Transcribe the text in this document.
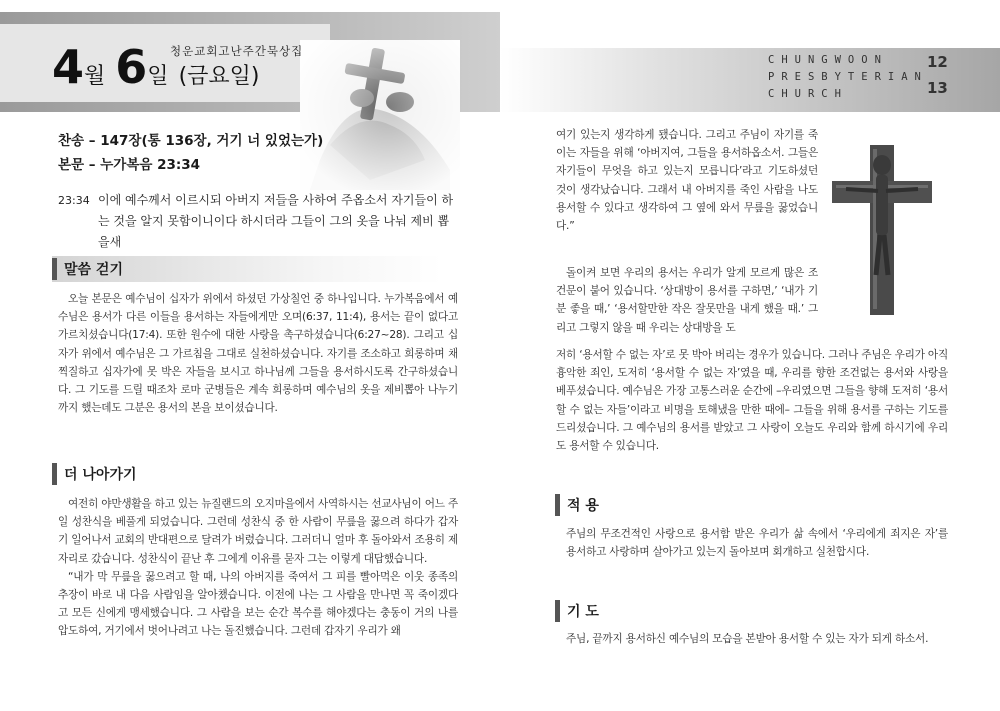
4월 6일 (금요일)
청운교회고난주간묵상집
CHUNGWOON
PRESBYTERIAN
CHURCH
12
13
찬송 – 147장(통 136장, 거기 너 있었는가)
본문 – 누가복음 23:34
23:34 이에 예수께서 이르시되 아버지 저들을 사하여 주옵소서 자기들이 하는 것을 알지 못함이니이다 하시더라 그들이 그의 옷을 나눠 제비 뽑을새
말씀 걷기

오늘 본문은 예수님이 십자가 위에서 하셨던 가상칠언 중 하나입니다. 누가복음에서 예수님은 용서가 다른 이들을 용서하는 자들에게만 오며(6:37, 11:4), 용서는 끝이 없다고 가르치셨습니다(17:4). 또한 원수에 대한 사랑을 촉구하셨습니다(6:27~28). 그리고 십자가 위에서 예수님은 그 가르침을 그대로 실천하셨습니다. 자기를 조소하고 희롱하며 채찍질하고 십자가에 못 박은 자들을 보시고 하나님께 그들을 용서하시도록 간구하셨습니다. 그 기도를 드릴 때조차 로마 군병들은 계속 희롱하며 예수님의 옷을 제비뽑아 나누기까지 했는데도 그분은 용서의 본을 보이셨습니다.

더 나아가기

여전히 야만생활을 하고 있는 뉴질랜드의 오지마을에서 사역하시는 선교사님이 어느 주일 성찬식을 베풀게 되었습니다. 그런데 성찬식 중 한 사람이 무릎을 꿇으려 하다가 갑자기 일어나서 교회의 반대편으로 달려가 버렸습니다. 그러더니 얼마 후 돌아와서 조용히 제자리로 갔습니다. 성찬식이 끝난 후 그에게 이유를 묻자 그는 이렇게 대답했습니다.

“내가 막 무릎을 꿇으려고 할 때, 나의 아버지를 죽여서 그 피를 빨아먹은 이웃 종족의 추장이 바로 내 다음 사람임을 알아챘습니다. 이전에 나는 그 사람을 만나면 꼭 죽이겠다고 모든 신에게 맹세했습니다. 그 사람을 보는 순간 복수를 해야겠다는 충동이 거의 나를 압도하여, 거기에서 벗어나려고 나는 돌진했습니다. 그런데 갑자기 우리가 왜

여기 있는지 생각하게 됐습니다. 그리고 주님이 자기를 죽이는 자들을 위해 ‘아버지여, 그들을 용서하옵소서. 그들은 자기들이 무엇을 하고 있는지 모릅니다’라고 기도하셨던 것이 생각났습니다. 그래서 내 아버지를 죽인 사람을 나도 용서할 수 있다고 생각하여 그 옆에 와서 무릎을 꿇었습니다.”

돌이켜 보면 우리의 용서는 우리가 알게 모르게 많은 조건문이 붙어 있습니다. ‘상대방이 용서를 구하면,’ ‘내가 기분 좋을 때,’ ‘용서할만한 작은 잘못만을 내게 했을 때.’ 그리고 그렇지 않을 때 우리는 상대방을 도

저히 ‘용서할 수 없는 자’로 못 박아 버리는 경우가 있습니다. 그러나 주님은 우리가 아직 흉악한 죄인, 도저히 ‘용서할 수 없는 자’였을 때, 우리를 향한 조건없는 용서와 사랑을 베푸셨습니다. 예수님은 가장 고통스러운 순간에 –우리였으면 그들을 향해 도저히 ‘용서할 수 없는 자들’이라고 비명을 토해냈을 만한 때에– 그들을 위해 용서를 구하는 기도를 드리셨습니다. 그 예수님의 용서를 받았고 그 사랑이 오늘도 우리와 함께 하시기에 우리도 용서할 수 있습니다.

적 용

주님의 무조건적인 사랑으로 용서함 받은 우리가 삶 속에서 ‘우리에게 죄지은 자’를 용서하고 사랑하며 살아가고 있는지 돌아보며 회개하고 실천합시다.

기 도

주님, 끝까지 용서하신 예수님의 모습을 본받아 용서할 수 있는 자가 되게 하소서.
